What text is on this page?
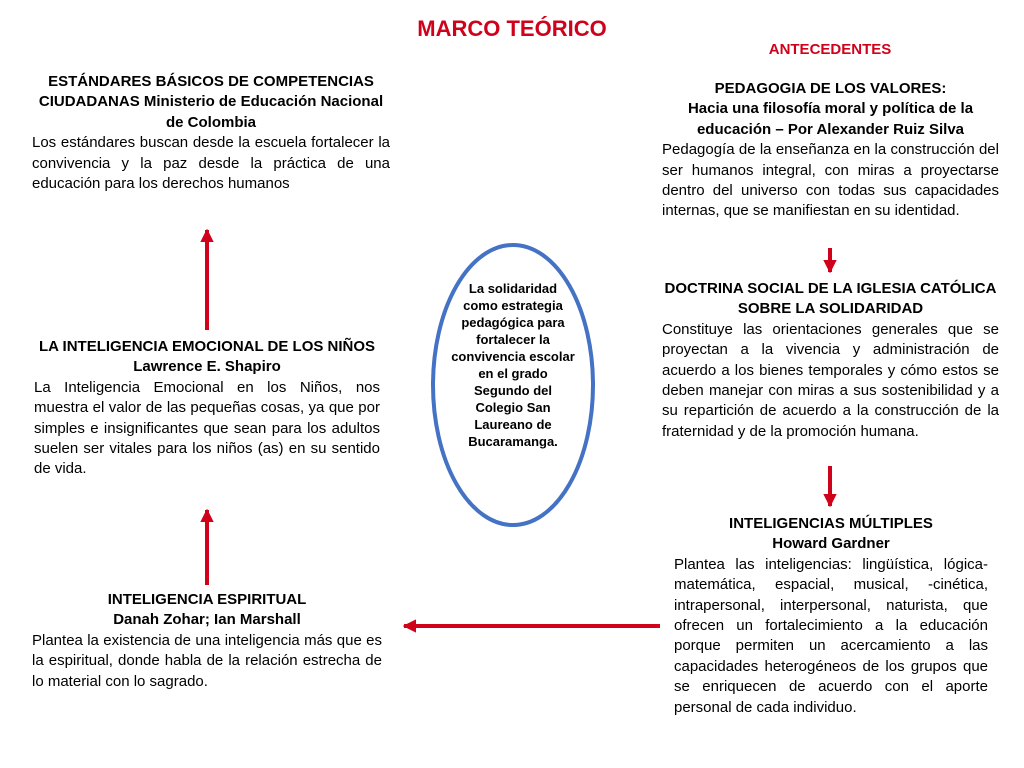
MARCO TEÓRICO
ANTECEDENTES
ESTÁNDARES BÁSICOS DE COMPETENCIAS CIUDADANAS Ministerio de Educación Nacional de Colombia
Los estándares buscan desde la escuela fortalecer la convivencia y la paz desde la práctica de una educación para los derechos humanos
LA INTELIGENCIA EMOCIONAL DE LOS NIÑOS
Lawrence E. Shapiro
La Inteligencia Emocional en los Niños, nos muestra el valor de las pequeñas cosas, ya que por simples e insignificantes que sean para los adultos suelen ser vitales para los niños (as) en su sentido de vida.
INTELIGENCIA ESPIRITUAL
Danah Zohar; Ian Marshall
Plantea la existencia de una inteligencia más que es la espiritual, donde habla de la relación estrecha de lo material con lo sagrado.
PEDAGOGIA DE LOS VALORES:
Hacia una filosofía moral y política de la educación – Por Alexander Ruiz Silva
Pedagogía de la enseñanza en la construcción del ser humanos integral, con miras a proyectarse dentro del universo con todas sus capacidades internas, que se manifiestan en su identidad.
DOCTRINA SOCIAL DE LA IGLESIA CATÓLICA SOBRE LA SOLIDARIDAD
Constituye las orientaciones generales que se proyectan a la vivencia y administración de acuerdo a los bienes temporales y cómo estos se deben manejar con miras a sus sostenibilidad y a su repartición de acuerdo a la construcción de la fraternidad y de la promoción humana.
INTELIGENCIAS MÚLTIPLES
Howard Gardner
Plantea las inteligencias: lingüística, lógica- matemática, espacial, musical, -cinética, intrapersonal, interpersonal, naturista, que ofrecen un fortalecimiento a la educación porque permiten un acercamiento a las capacidades heterogéneos de los grupos que se enriquecen de acuerdo con el aporte personal de cada individuo.
La solidaridad como estrategia pedagógica para fortalecer la convivencia escolar en el grado Segundo del Colegio San Laureano de Bucaramanga.
